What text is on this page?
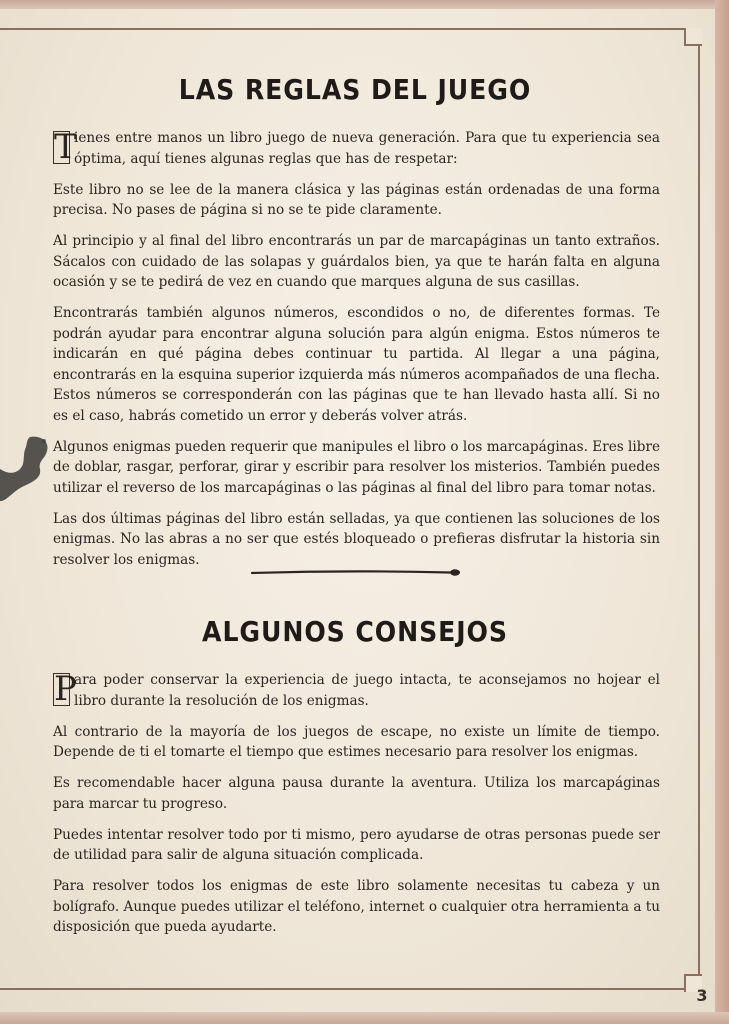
LAS REGLAS DEL JUEGO

T
ienes entre manos un libro juego de nueva generación. Para que tu experiencia sea óptima, aquí tienes algunas reglas que has de respetar:

Este libro no se lee de la manera clásica y las páginas están ordenadas de una forma precisa. No pases de página si no se te pide claramente.

Al principio y al final del libro encontrarás un par de marcapáginas un tanto extraños. Sácalos con cuidado de las solapas y guárdalos bien, ya que te harán falta en alguna ocasión y se te pedirá de vez en cuando que marques alguna de sus casillas.

Encontrarás también algunos números, escondidos o no, de diferentes formas. Te podrán ayudar para encontrar alguna solución para algún enigma. Estos números te indicarán en qué página debes continuar tu partida. Al llegar a una página, encontrarás en la esquina superior izquierda más números acompañados de una flecha. Estos números se corresponderán con las páginas que te han llevado hasta allí. Si no es el caso, habrás cometido un error y deberás volver atrás.

Algunos enigmas pueden requerir que manipules el libro o los marcapáginas. Eres libre de doblar, rasgar, perforar, girar y escribir para resolver los misterios. También puedes utilizar el reverso de los marcapáginas o las páginas al final del libro para tomar notas.

Las dos últimas páginas del libro están selladas, ya que contienen las soluciones de los enigmas. No las abras a no ser que estés bloqueado o prefieras disfrutar la historia sin resolver los enigmas.

ALGUNOS CONSEJOS

P
ara poder conservar la experiencia de juego intacta, te aconsejamos no hojear el libro durante la resolución de los enigmas.

Al contrario de la mayoría de los juegos de escape, no existe un límite de tiempo. Depende de ti el tomarte el tiempo que estimes necesario para resolver los enigmas.

Es recomendable hacer alguna pausa durante la aventura. Utiliza los marcapáginas para marcar tu progreso.

Puedes intentar resolver todo por ti mismo, pero ayudarse de otras personas puede ser de utilidad para salir de alguna situación complicada.

Para resolver todos los enigmas de este libro solamente necesitas tu cabeza y un bolígrafo. Aunque puedes utilizar el teléfono, internet o cualquier otra herramienta a tu disposición que pueda ayudarte.

3
